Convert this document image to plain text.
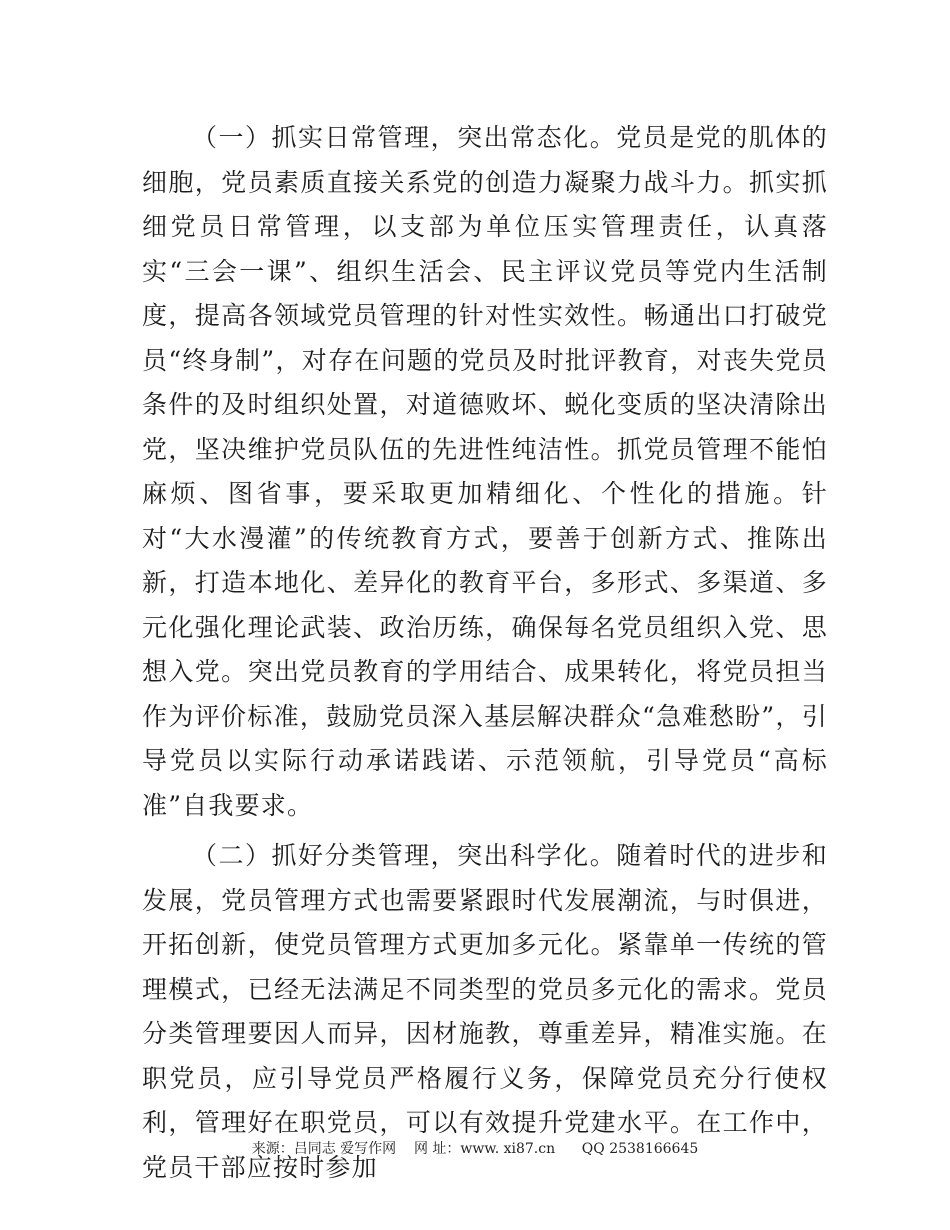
（一）抓实日常管理，突出常态化。党员是党的肌体的细胞，党员素质直接关系党的创造力凝聚力战斗力。抓实抓细党员日常管理，以支部为单位压实管理责任，认真落实“三会一课”、组织生活会、民主评议党员等党内生活制度，提高各领域党员管理的针对性实效性。畅通出口打破党员“终身制”，对存在问题的党员及时批评教育，对丧失党员条件的及时组织处置，对道德败坏、蜕化变质的坚决清除出党，坚决维护党员队伍的先进性纯洁性。抓党员管理不能怕麻烦、图省事，要采取更加精细化、个性化的措施。针对“大水漫灌”的传统教育方式，要善于创新方式、推陈出新，打造本地化、差异化的教育平台，多形式、多渠道、多元化强化理论武装、政治历练，确保每名党员组织入党、思想入党。突出党员教育的学用结合、成果转化，将党员担当作为评价标准，鼓励党员深入基层解决群众“急难愁盼”，引导党员以实际行动承诺践诺、示范领航，引导党员“高标准”自我要求。

（二）抓好分类管理，突出科学化。随着时代的进步和发展，党员管理方式也需要紧跟时代发展潮流，与时俱进，开拓创新，使党员管理方式更加多元化。紧靠单一传统的管理模式，已经无法满足不同类型的党员多元化的需求。党员分类管理要因人而异，因材施教，尊重差异，精准实施。在职党员，应引导党员严格履行义务，保障党员充分行使权利，管理好在职党员，可以有效提升党建水平。在工作中，党员干部应按时参加

来源：吕同志 爱写作网    网 址：www. xi87.cn      QQ 2538166645
